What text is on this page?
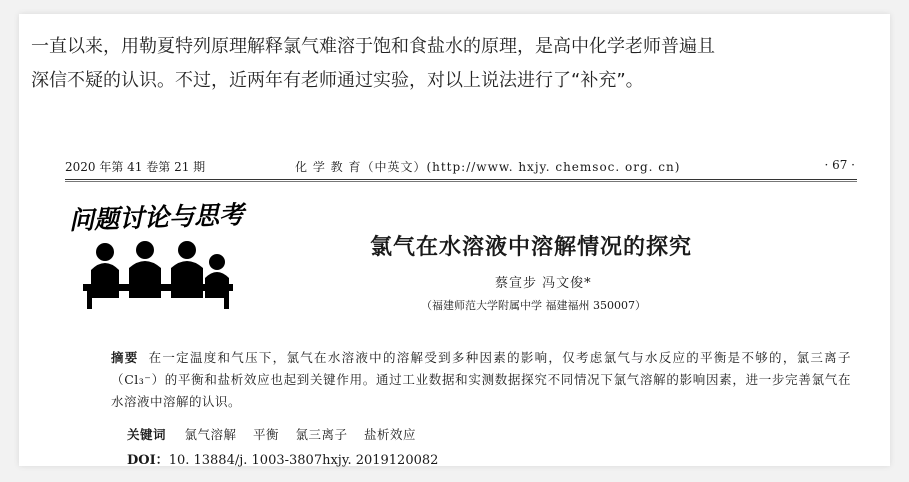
一直以来，用勒夏特列原理解释氯气难溶于饱和食盐水的原理，是高中化学老师普遍且
深信不疑的认识。不过，近两年有老师通过实验，对以上说法进行了“补充”。
2020 年第 41 卷第 21 期	化 学 教 育（中英文）(http://www. hxjy. chemsoc. org. cn)	· 67 ·
问题讨论与思考
氯气在水溶液中溶解情况的探究
蔡宣步 冯文俊*
（福建师范大学附属中学 福建福州 350007）
摘要 在一定温度和气压下，氯气在水溶液中的溶解受到多种因素的影响，仅考虑氯气与水反应的平衡是不够的，氯三离子（Cl₃⁻）的平衡和盐析效应也起到关键作用。通过工业数据和实测数据探究不同情况下氯气溶解的影响因素，进一步完善氯气在水溶液中溶解的认识。
关键词 氯气溶解 平衡 氯三离子 盐析效应
DOI：10. 13884/j. 1003-3807hxjy. 2019120082
